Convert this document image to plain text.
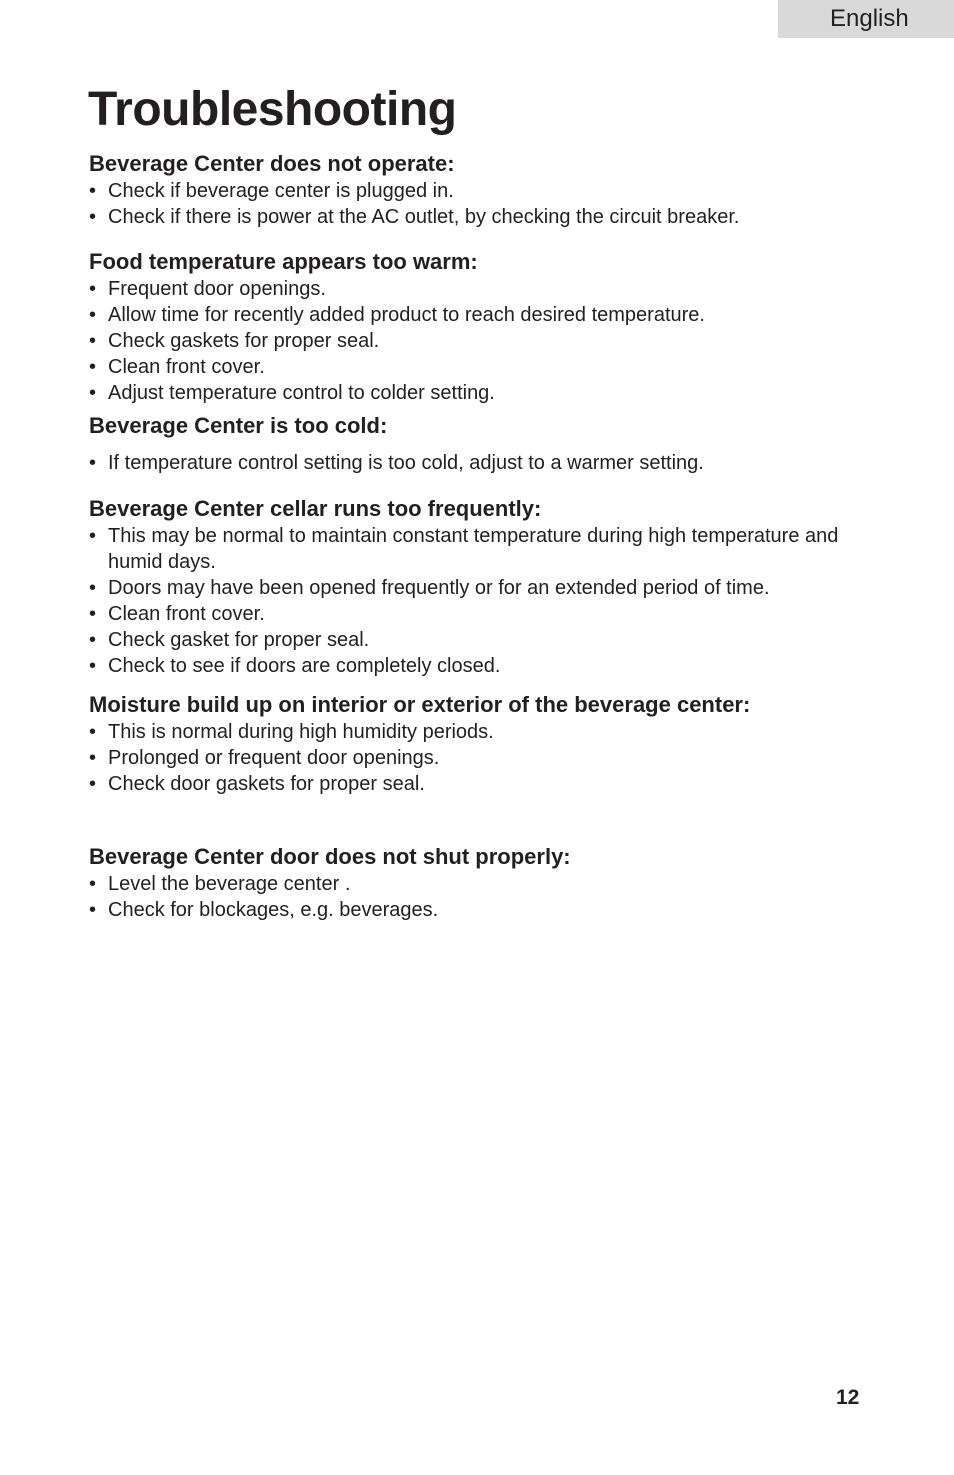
English
Troubleshooting
Beverage Center does not operate:
• Check if beverage center is plugged in.
• Check if there is power at the AC outlet, by checking the circuit breaker.
Food temperature appears too warm:
• Frequent door openings.
• Allow time for recently added product to reach desired temperature.
• Check gaskets for proper seal.
• Clean front cover.
• Adjust temperature control to colder setting.
Beverage Center is too cold:
• If temperature control setting is too cold, adjust to a warmer setting.
Beverage Center cellar runs too frequently:
• This may be normal to maintain constant temperature during high temperature and humid days.
• Doors may have been opened frequently or for an extended period of time.
• Clean front cover.
• Check gasket for proper seal.
• Check to see if doors are completely closed.
Moisture build up on interior or exterior of the beverage center:
• This is normal during high humidity periods.
• Prolonged or frequent door openings.
• Check door gaskets for proper seal.
Beverage Center door does not shut properly:
• Level the beverage center .
• Check for blockages, e.g. beverages.
12
